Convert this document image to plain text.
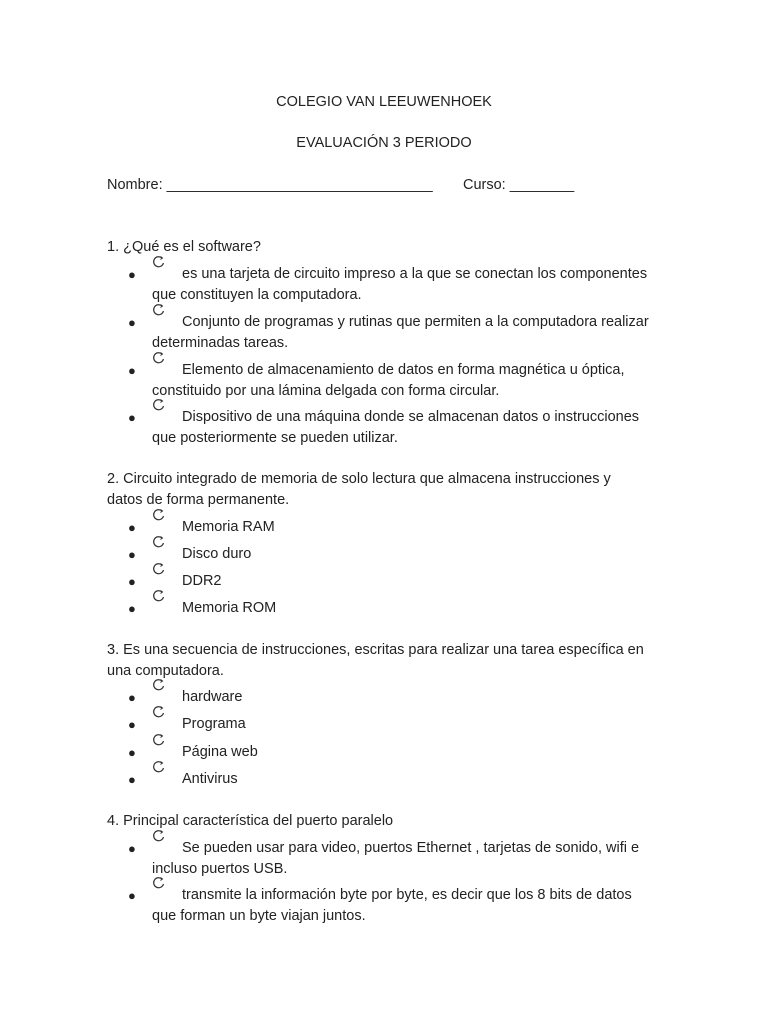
COLEGIO VAN LEEUWENHOEK
EVALUACIÓN 3 PERIODO
Nombre: _________________________________ Curso: ________
1. ¿Qué es el software?
●	es una tarjeta de circuito impreso a la que se conectan los componentes que constituyen la computadora.
●	Conjunto de programas y rutinas que permiten a la computadora realizar determinadas tareas.
●	Elemento de almacenamiento de datos en forma magnética u óptica, constituido por una lámina delgada con forma circular.
●	Dispositivo de una máquina donde se almacenan datos o instrucciones que posteriormente se pueden utilizar.
2. Circuito integrado de memoria de solo lectura que almacena instrucciones y datos de forma permanente.
●	Memoria RAM
●	Disco duro
●	DDR2
●	Memoria ROM
3. Es una secuencia de instrucciones, escritas para realizar una tarea específica en una computadora.
●	hardware
●	Programa
●	Página web
●	Antivirus
4. Principal característica del puerto paralelo
●	Se pueden usar para video, puertos Ethernet , tarjetas de sonido, wifi e incluso puertos USB.
●	transmite la información byte por byte, es decir que los 8 bits de datos que forman un byte viajan juntos.
